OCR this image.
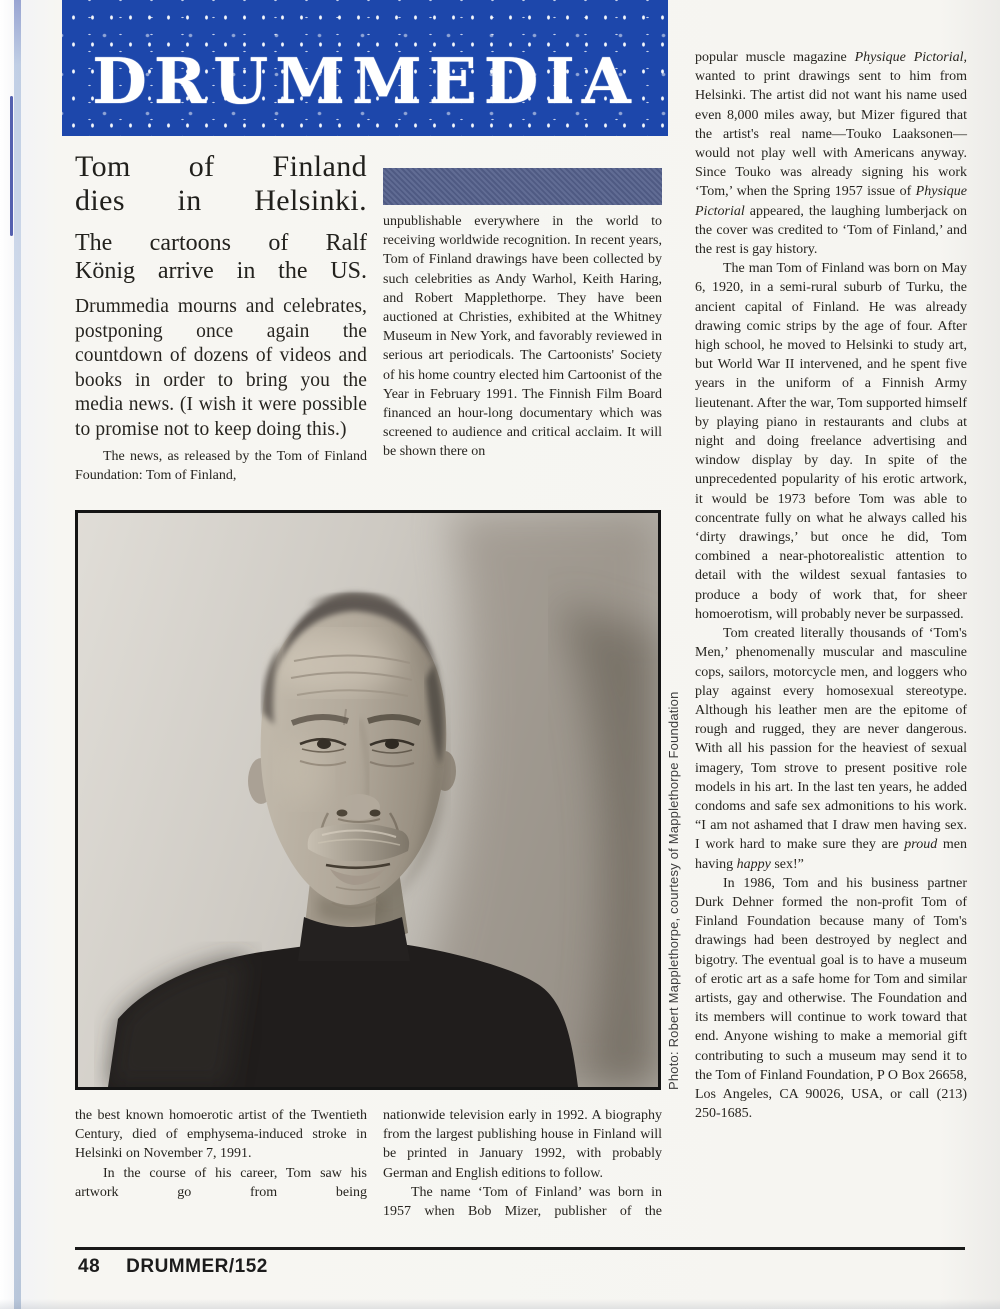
DRUMMEDIA
Tom of Finland
dies in Helsinki.
The cartoons of Ralf
König arrive in the US.

Drummedia mourns and celebrates, postponing once again the countdown of dozens of videos and books in order to bring you the media news. (I wish it were possible to promise not to keep doing this.)

The news, as released by the Tom of Finland Foundation: Tom of Finland,

unpublishable everywhere in the world to receiving worldwide recognition. In recent years, Tom of Finland drawings have been collected by such celebrities as Andy Warhol, Keith Haring, and Robert Mapplethorpe. They have been auctioned at Christies, exhibited at the Whitney Museum in New York, and favorably reviewed in serious art periodicals. The Cartoonists' Society of his home country elected him Cartoonist of the Year in February 1991. The Finnish Film Board financed an hour-long documentary which was screened to audience and critical acclaim. It will be shown there on

popular muscle magazine Physique Pictorial, wanted to print drawings sent to him from Helsinki. The artist did not want his name used even 8,000 miles away, but Mizer figured that the artist's real name—Touko Laaksonen—would not play well with Americans anyway. Since Touko was already signing his work ‘Tom,’ when the Spring 1957 issue of Physique Pictorial appeared, the laughing lumberjack on the cover was credited to ‘Tom of Finland,’ and the rest is gay history.

The man Tom of Finland was born on May 6, 1920, in a semi-rural suburb of Turku, the ancient capital of Finland. He was already drawing comic strips by the age of four. After high school, he moved to Helsinki to study art, but World War II intervened, and he spent five years in the uniform of a Finnish Army lieutenant. After the war, Tom supported himself by playing piano in restaurants and clubs at night and doing freelance advertising and window display by day. In spite of the unprecedented popularity of his erotic artwork, it would be 1973 before Tom was able to concentrate fully on what he always called his ‘dirty drawings,’ but once he did, Tom combined a near-photorealistic attention to detail with the wildest sexual fantasies to produce a body of work that, for sheer homoerotism, will probably never be surpassed.

Tom created literally thousands of ‘Tom's Men,’ phenomenally muscular and masculine cops, sailors, motorcycle men, and loggers who play against every homosexual stereotype. Although his leather men are the epitome of rough and rugged, they are never dangerous. With all his passion for the heaviest of sexual imagery, Tom strove to present positive role models in his art. In the last ten years, he added condoms and safe sex admonitions to his work. “I am not ashamed that I draw men having sex. I work hard to make sure they are proud men having happy sex!”

In 1986, Tom and his business partner Durk Dehner formed the non-profit Tom of Finland Foundation because many of Tom's drawings had been destroyed by neglect and bigotry. The eventual goal is to have a museum of erotic art as a safe home for Tom and similar artists, gay and otherwise. The Foundation and its members will continue to work toward that end. Anyone wishing to make a memorial gift contributing to such a museum may send it to the Tom of Finland Foundation, P O Box 26658, Los Angeles, CA 90026, USA, or call (213) 250-1685.

Photo: Robert Mapplethorpe, courtesy of Mapplethorpe Foundation

the best known homoerotic artist of the Twentieth Century, died of emphysema-induced stroke in Helsinki on November 7, 1991.

In the course of his career, Tom saw his artwork go from being

nationwide television early in 1992. A biography from the largest publishing house in Finland will be printed in January 1992, with probably German and English editions to follow.

The name ‘Tom of Finland’ was born in 1957 when Bob Mizer, publisher of the

48 DRUMMER/152
